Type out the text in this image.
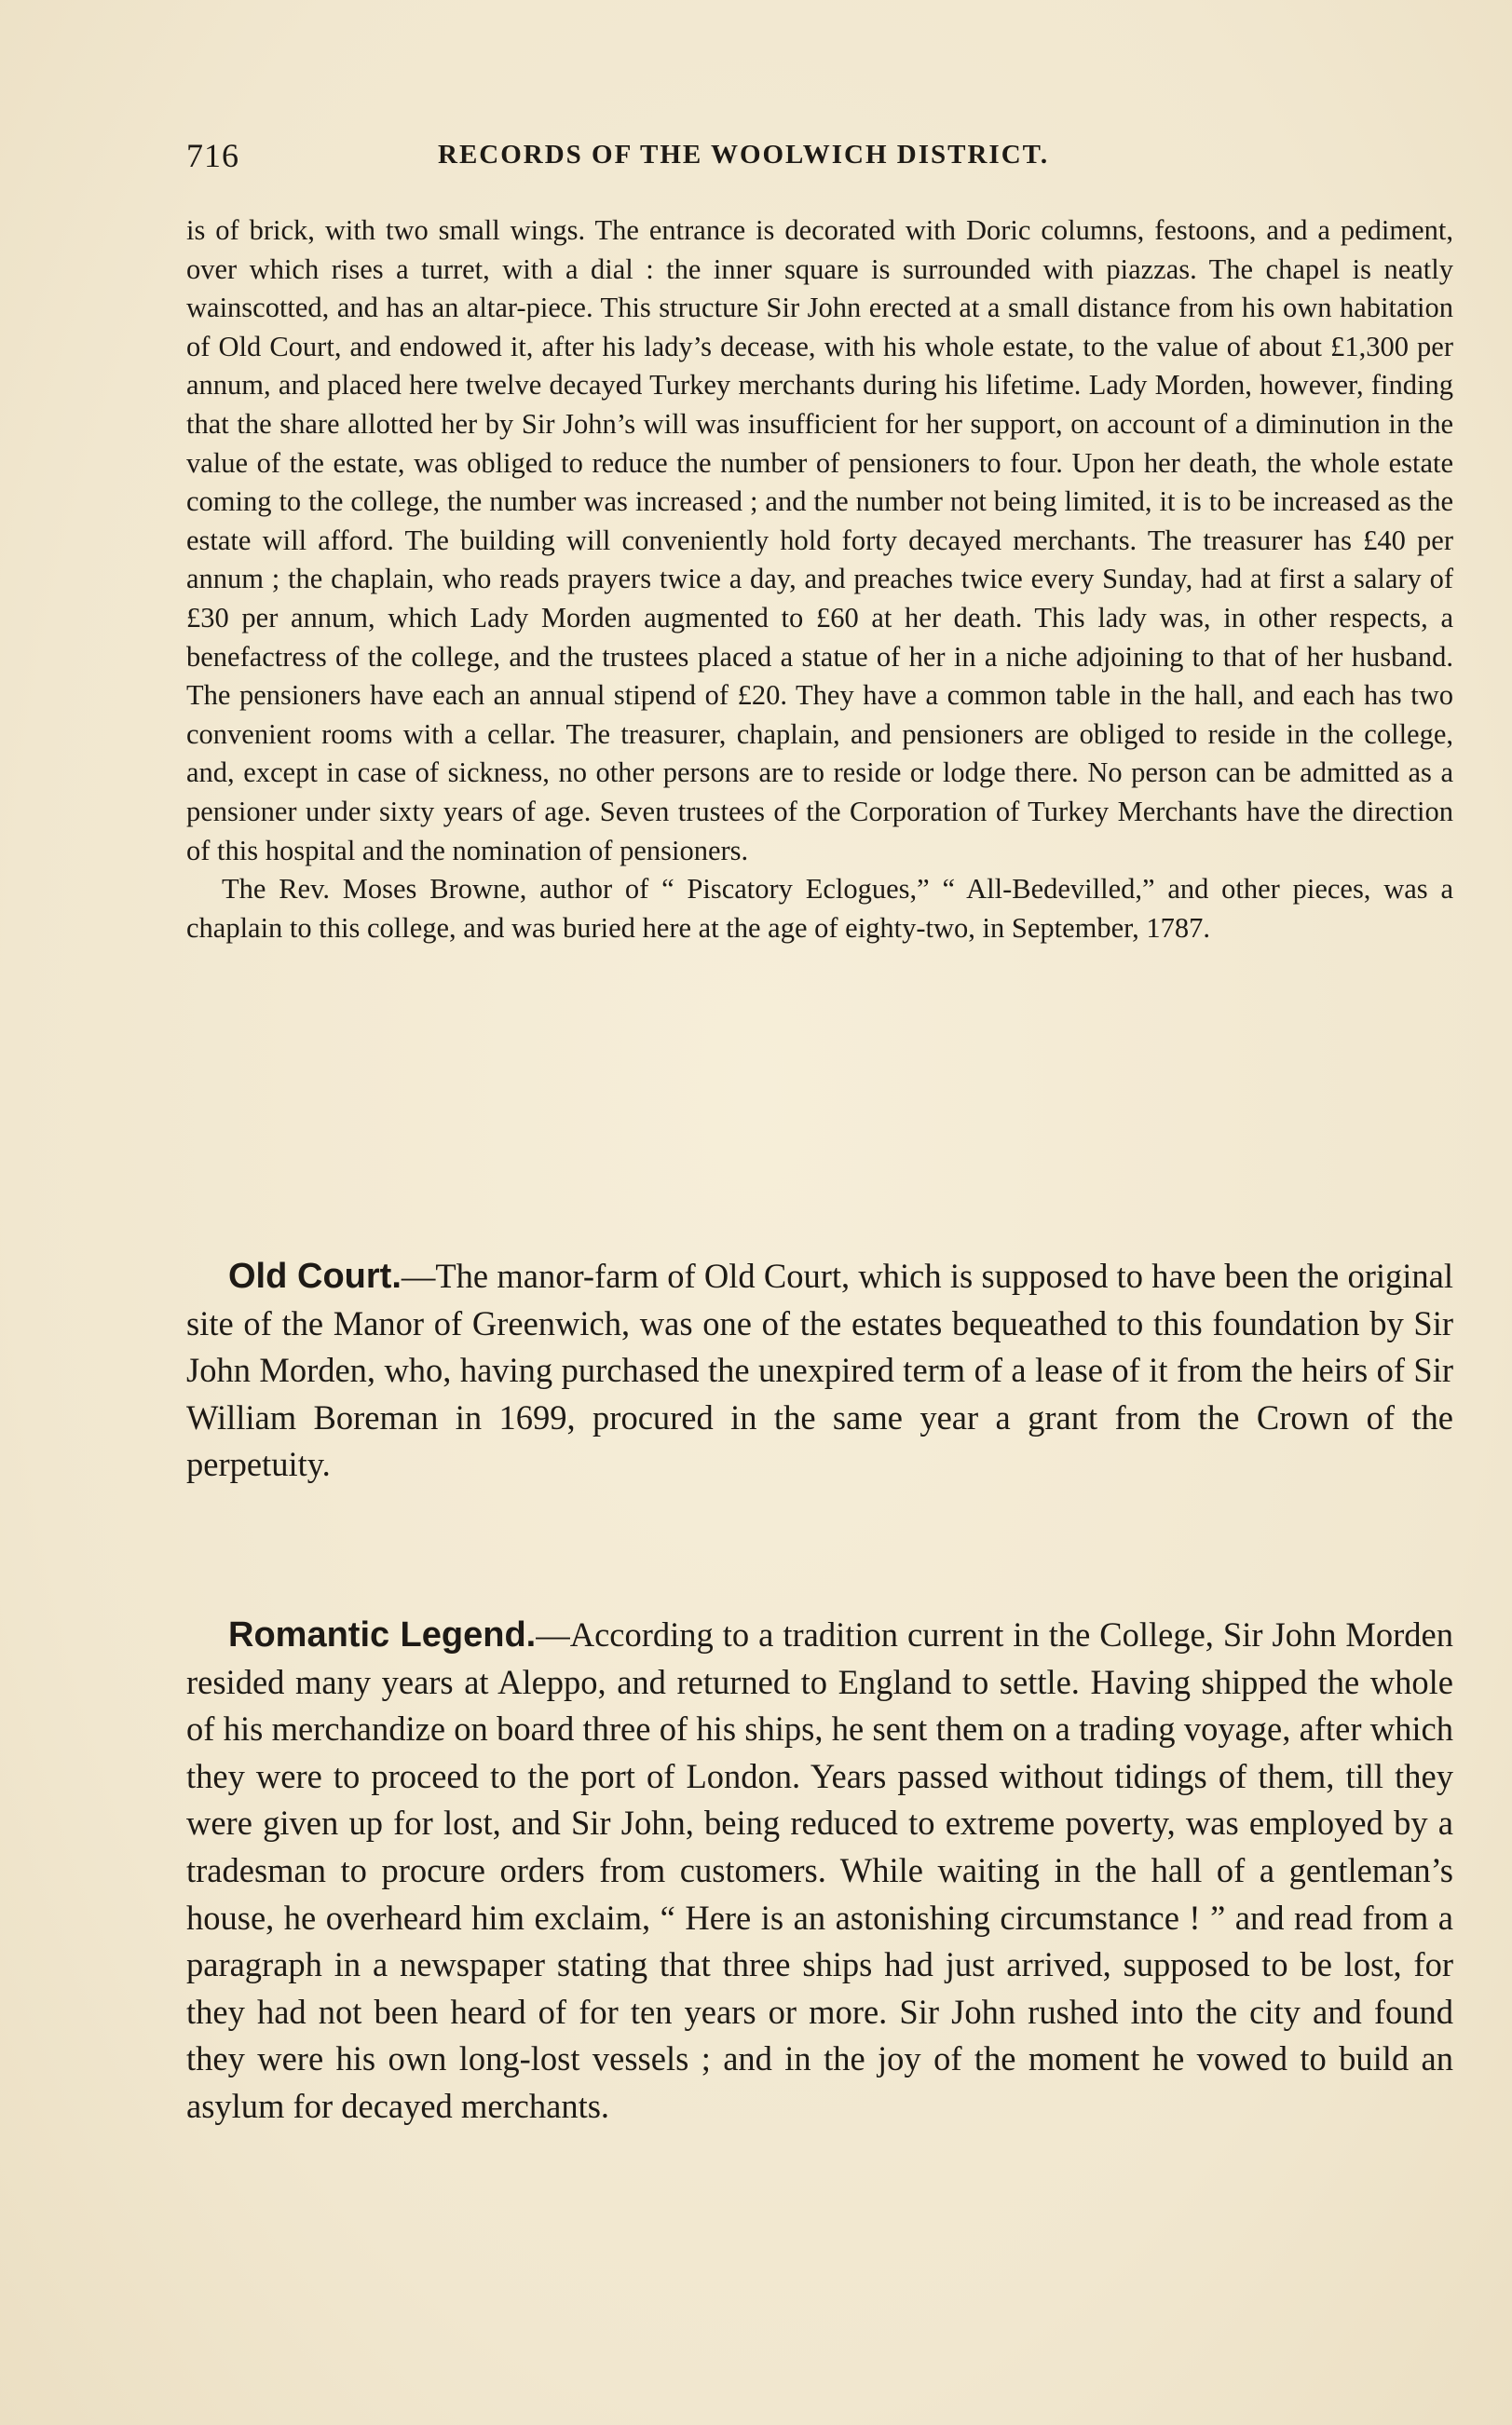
716	RECORDS OF THE WOOLWICH DISTRICT.

is of brick, with two small wings. The entrance is decorated with Doric columns, festoons, and a pediment, over which rises a turret, with a dial : the inner square is surrounded with piazzas. The chapel is neatly wainscotted, and has an altar-piece. This structure Sir John erected at a small distance from his own habitation of Old Court, and endowed it, after his lady’s decease, with his whole estate, to the value of about £1,300 per annum, and placed here twelve decayed Turkey merchants during his lifetime. Lady Morden, however, finding that the share allotted her by Sir John’s will was insufficient for her support, on account of a diminution in the value of the estate, was obliged to reduce the number of pensioners to four. Upon her death, the whole estate coming to the college, the number was increased ; and the number not being limited, it is to be increased as the estate will afford. The building will conveniently hold forty decayed merchants. The treasurer has £40 per annum ; the chaplain, who reads prayers twice a day, and preaches twice every Sunday, had at first a salary of £30 per annum, which Lady Morden augmented to £60 at her death. This lady was, in other respects, a benefactress of the college, and the trustees placed a statue of her in a niche adjoining to that of her husband. The pensioners have each an annual stipend of £20. They have a common table in the hall, and each has two convenient rooms with a cellar. The treasurer, chaplain, and pensioners are obliged to reside in the college, and, except in case of sickness, no other persons are to reside or lodge there. No person can be admitted as a pensioner under sixty years of age. Seven trustees of the Corporation of Turkey Merchants have the direction of this hospital and the nomination of pensioners.

The Rev. Moses Browne, author of “ Piscatory Eclogues,” “ All-Bedevilled,” and other pieces, was a chaplain to this college, and was buried here at the age of eighty-two, in September, 1787.

Old Court.—The manor-farm of Old Court, which is supposed to have been the original site of the Manor of Greenwich, was one of the estates bequeathed to this foundation by Sir John Morden, who, having purchased the unexpired term of a lease of it from the heirs of Sir William Boreman in 1699, procured in the same year a grant from the Crown of the perpetuity.

Romantic Legend.—According to a tradition current in the College, Sir John Morden resided many years at Aleppo, and returned to England to settle. Having shipped the whole of his merchandize on board three of his ships, he sent them on a trading voyage, after which they were to proceed to the port of London. Years passed without tidings of them, till they were given up for lost, and Sir John, being reduced to extreme poverty, was employed by a tradesman to procure orders from customers. While waiting in the hall of a gentleman’s house, he overheard him exclaim, “ Here is an astonishing circumstance ! ” and read from a paragraph in a newspaper stating that three ships had just arrived, supposed to be lost, for they had not been heard of for ten years or more. Sir John rushed into the city and found they were his own long-lost vessels ; and in the joy of the moment he vowed to build an asylum for decayed merchants.
